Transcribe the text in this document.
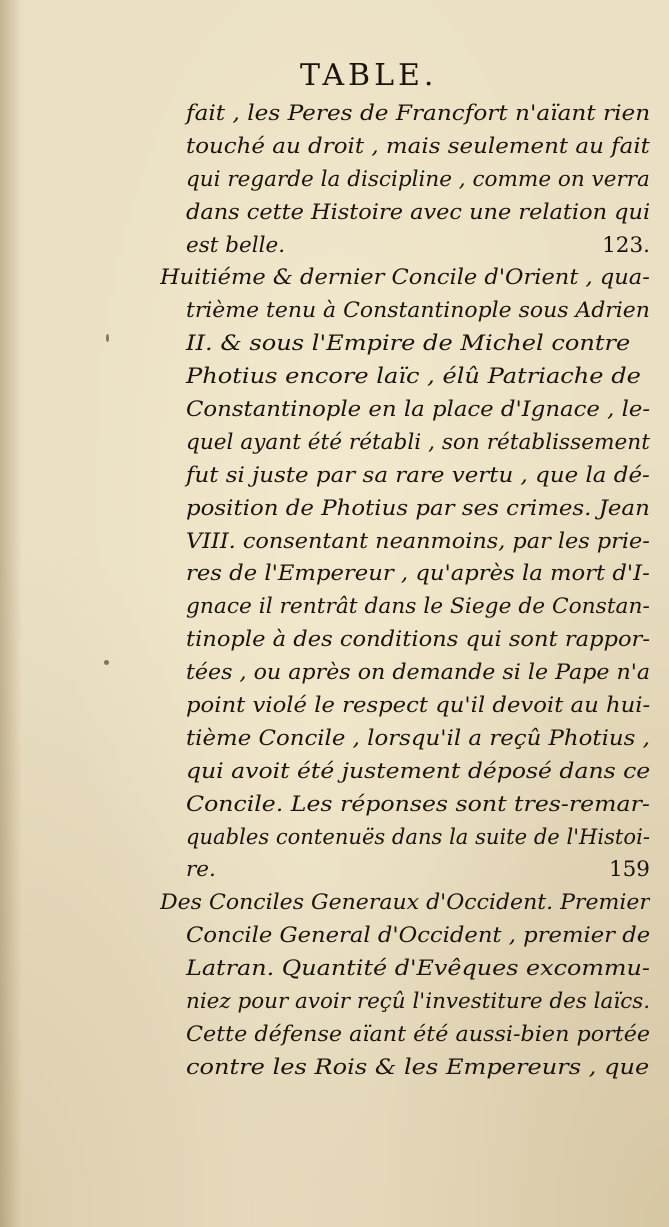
TABLE.
fait , les Peres de Francfort n'aïant rien
touché au droit , mais seulement au fait
qui regarde la discipline , comme on verra
dans cette Histoire avec une relation qui
est belle.	123.
Huitiéme & dernier Concile d'Orient , qua-
trième tenu à Constantinople sous Adrien
II. & sous l'Empire de Michel contre
Photius encore laïc , élû Patriache de
Constantinople en la place d'Ignace , le-
quel ayant été rétabli , son rétablissement
fut si juste par sa rare vertu , que la dé-
position de Photius par ses crimes. Jean
VIII. consentant neanmoins, par les prie-
res de l'Empereur , qu'après la mort d'I-
gnace il rentrât dans le Siege de Constan-
tinople à des conditions qui sont rappor-
tées , ou après on demande si le Pape n'a
point violé le respect qu'il devoit au hui-
tième Concile , lorsqu'il a reçû Photius ,
qui avoit été justement déposé dans ce
Concile. Les réponses sont tres-remar-
quables contenuës dans la suite de l'Histoi-
re.	159
Des Conciles Generaux d'Occident. Premier
Concile General d'Occident , premier de
Latran. Quantité d'Evêques excommu-
niez pour avoir reçû l'investiture des laïcs.
Cette défense aïant été aussi-bien portée
contre les Rois & les Empereurs , que
